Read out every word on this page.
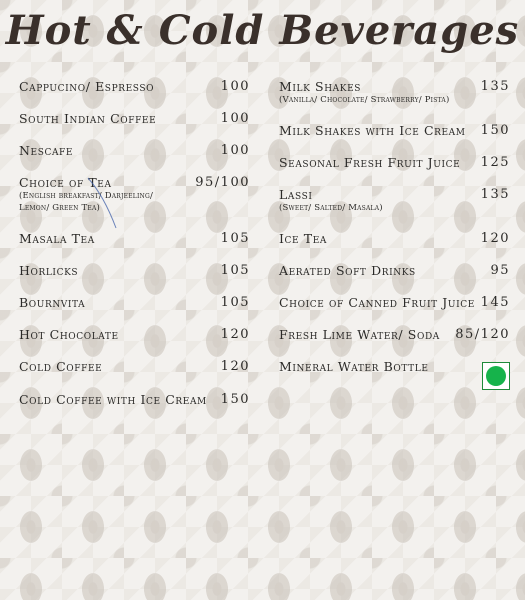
Hot & Cold Beverages
Cappucino/ Espresso	100
South Indian Coffee	100
Nescafe	100
Choice of Tea	95/100
(English breakfast/ Darjeeling/
Lemon/ Green Tea)
Masala Tea	105
Horlicks	105
Bournvita	105
Hot Chocolate	120
Cold Coffee	120
Cold Coffee with Ice Cream 150
Milk Shakes	135
(Vanilla/ Chocolate/ Strawberry/ Pista)
Milk Shakes with Ice Cream 150
Seasonal Fresh Fruit Juice 125
Lassi	135
(Sweet/ Salted/ Masala)
Ice Tea	120
Aerated Soft Drinks	95
Choice of Canned Fruit Juice 145
Fresh Lime Water/ Soda 85/120
Mineral Water Bottle
